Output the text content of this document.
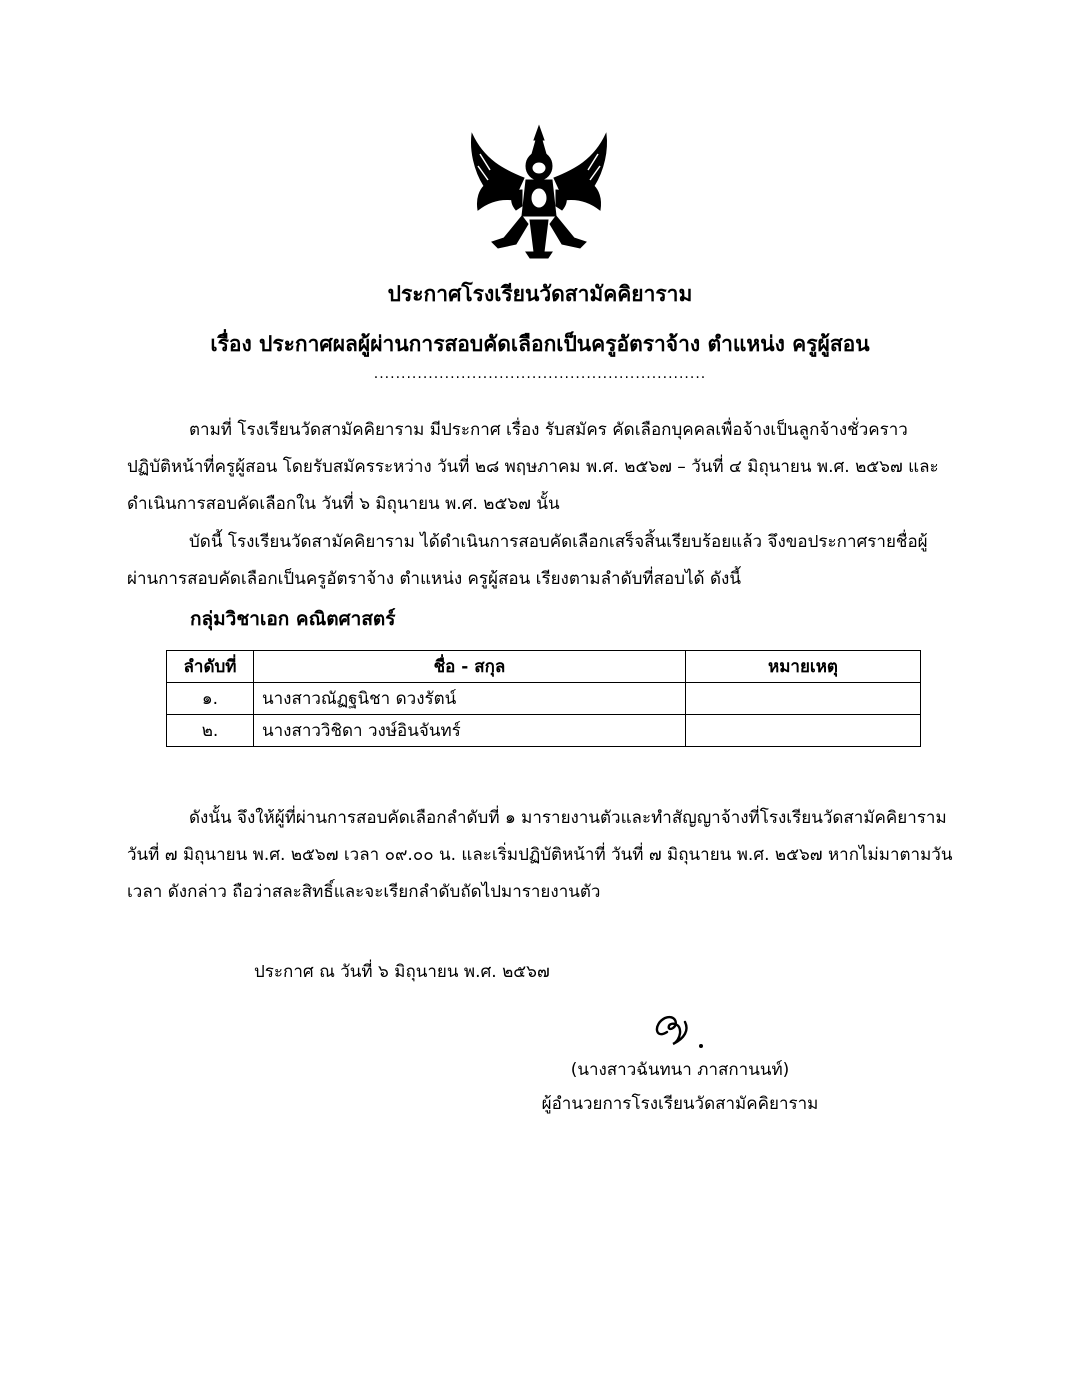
ประกาศโรงเรียนวัดสามัคคิยาราม
เรื่อง ประกาศผลผู้ผ่านการสอบคัดเลือกเป็นครูอัตราจ้าง ตำแหน่ง ครูผู้สอน
.............................................................
ตามที่ โรงเรียนวัดสามัคคิยาราม มีประกาศ เรื่อง รับสมัคร คัดเลือกบุคคลเพื่อจ้างเป็นลูกจ้างชั่วคราว ปฏิบัติหน้าที่ครูผู้สอน โดยรับสมัครระหว่าง วันที่ ๒๘ พฤษภาคม พ.ศ. ๒๕๖๗ – วันที่ ๔ มิถุนายน พ.ศ. ๒๕๖๗ และดำเนินการสอบคัดเลือกใน วันที่ ๖ มิถุนายน พ.ศ. ๒๕๖๗ นั้น
บัดนี้ โรงเรียนวัดสามัคคิยาราม ได้ดำเนินการสอบคัดเลือกเสร็จสิ้นเรียบร้อยแล้ว จึงขอประกาศรายชื่อผู้ผ่านการสอบคัดเลือกเป็นครูอัตราจ้าง ตำแหน่ง ครูผู้สอน เรียงตามลำดับที่สอบได้ ดังนี้
กลุ่มวิชาเอก คณิตศาสตร์
ลำดับที่	ชื่อ - สกุล	หมายเหตุ
๑.	นางสาวณัฏฐนิชา ดวงรัตน์	
๒.	นางสาววิชิดา วงษ์อินจันทร์	
ดังนั้น จึงให้ผู้ที่ผ่านการสอบคัดเลือกลำดับที่ ๑ มารายงานตัวและทำสัญญาจ้างที่โรงเรียนวัดสามัคคิยาราม วันที่ ๗ มิถุนายน พ.ศ. ๒๕๖๗ เวลา ๐๙.๐๐ น. และเริ่มปฏิบัติหน้าที่ วันที่ ๗ มิถุนายน พ.ศ. ๒๕๖๗ หากไม่มาตามวัน เวลา ดังกล่าว ถือว่าสละสิทธิ์และจะเรียกลำดับถัดไปมารายงานตัว
ประกาศ ณ วันที่ ๖ มิถุนายน พ.ศ. ๒๕๖๗
(นางสาวฉันทนา ภาสกานนท์)
ผู้อำนวยการโรงเรียนวัดสามัคคิยาราม
